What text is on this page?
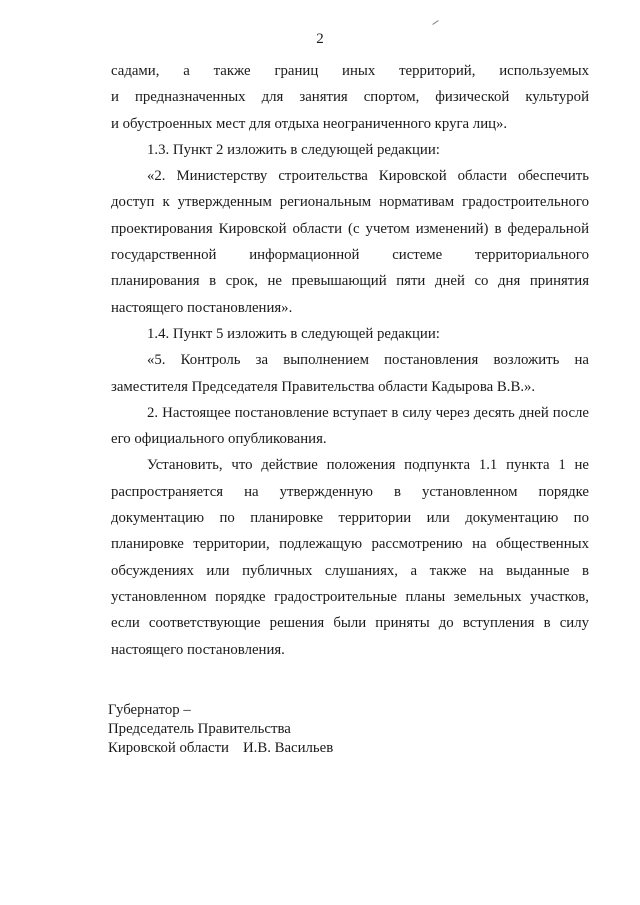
2
садами, а также границ иных территорий, используемых
и предназначенных для занятия спортом, физической культурой
и обустроенных мест для отдыха неограниченного круга лиц».
1.3. Пункт 2 изложить в следующей редакции:
«2. Министерству строительства Кировской области обеспечить
доступ к утвержденным региональным нормативам градостроительного
проектирования Кировской области (с учетом изменений) в федеральной
государственной информационной системе территориального
планирования в срок, не превышающий пяти дней со дня принятия
настоящего постановления».
1.4. Пункт 5 изложить в следующей редакции:
«5. Контроль за выполнением постановления возложить на
заместителя Председателя Правительства области Кадырова В.В.».
2. Настоящее постановление вступает в силу через десять дней после
его официального опубликования.
Установить, что действие положения подпункта 1.1 пункта 1 не
распространяется на утвержденную в установленном порядке
документацию по планировке территории или документацию по
планировке территории, подлежащую рассмотрению на общественных
обсуждениях или публичных слушаниях, а также на выданные в
установленном порядке градостроительные планы земельных участков,
если соответствующие решения были приняты до вступления в силу
настоящего постановления.
Губернатор –
Председатель Правительства
Кировской области И.В. Васильев
